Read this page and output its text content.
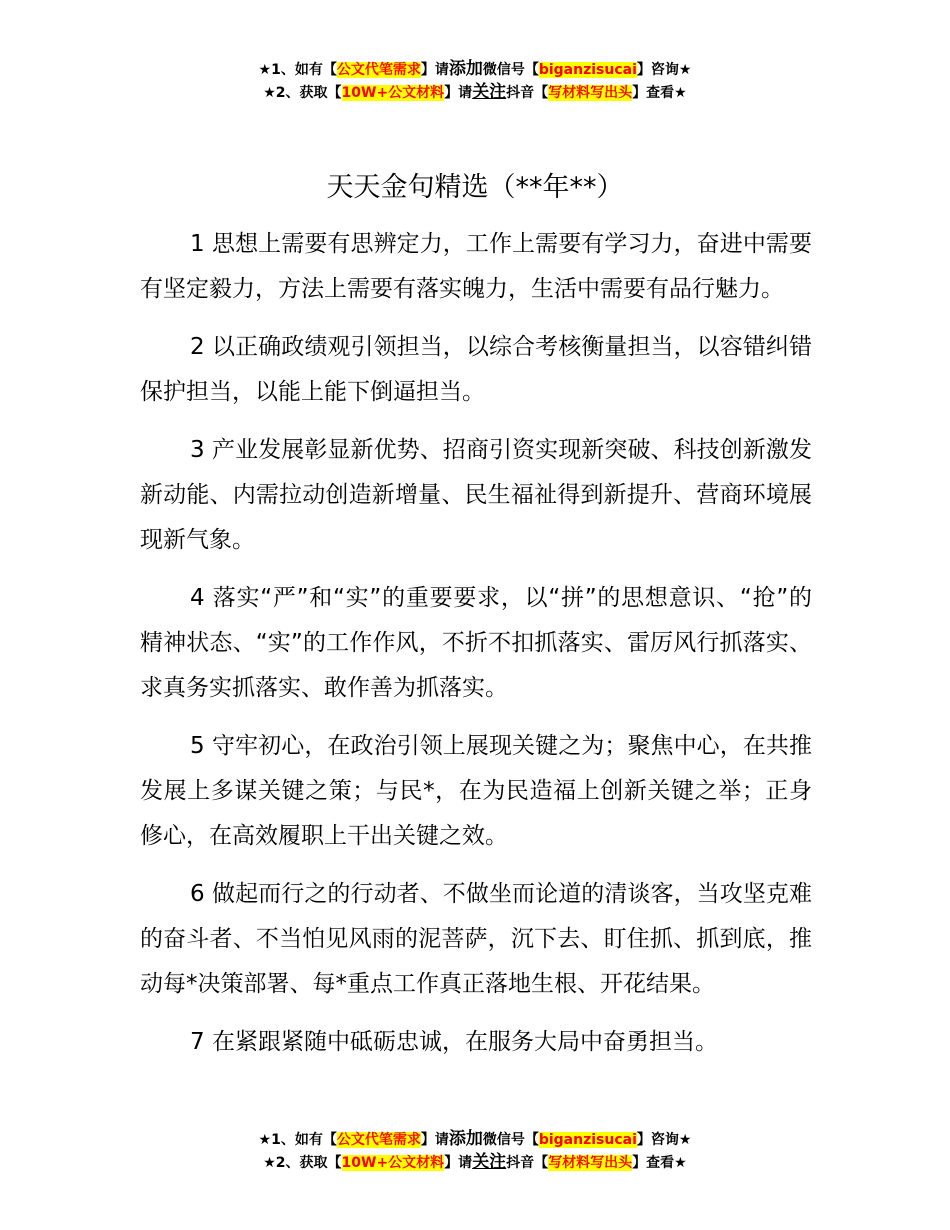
★1、如有【公文代笔需求】请添加微信号【biganzisucai】咨询★
★2、获取【10W+公文材料】请关注抖音【写材料写出头】查看★
天天金句精选（**年**）

1 思想上需要有思辨定力，工作上需要有学习力，奋进中需要有坚定毅力，方法上需要有落实魄力，生活中需要有品行魅力。

2 以正确政绩观引领担当，以综合考核衡量担当，以容错纠错保护担当，以能上能下倒逼担当。

3 产业发展彰显新优势、招商引资实现新突破、科技创新激发新动能、内需拉动创造新增量、民生福祉得到新提升、营商环境展现新气象。

4 落实“严”和“实”的重要要求，以“拼”的思想意识、“抢”的精神状态、“实”的工作作风，不折不扣抓落实、雷厉风行抓落实、求真务实抓落实、敢作善为抓落实。

5 守牢初心，在政治引领上展现关键之为；聚焦中心，在共推发展上多谋关键之策；与民*，在为民造福上创新关键之举；正身修心，在高效履职上干出关键之效。

6 做起而行之的行动者、不做坐而论道的清谈客，当攻坚克难的奋斗者、不当怕见风雨的泥菩萨，沉下去、盯住抓、抓到底，推动每*决策部署、每*重点工作真正落地生根、开花结果。

7 在紧跟紧随中砥砺忠诚，在服务大局中奋勇担当。

★1、如有【公文代笔需求】请添加微信号【biganzisucai】咨询★
★2、获取【10W+公文材料】请关注抖音【写材料写出头】查看★
